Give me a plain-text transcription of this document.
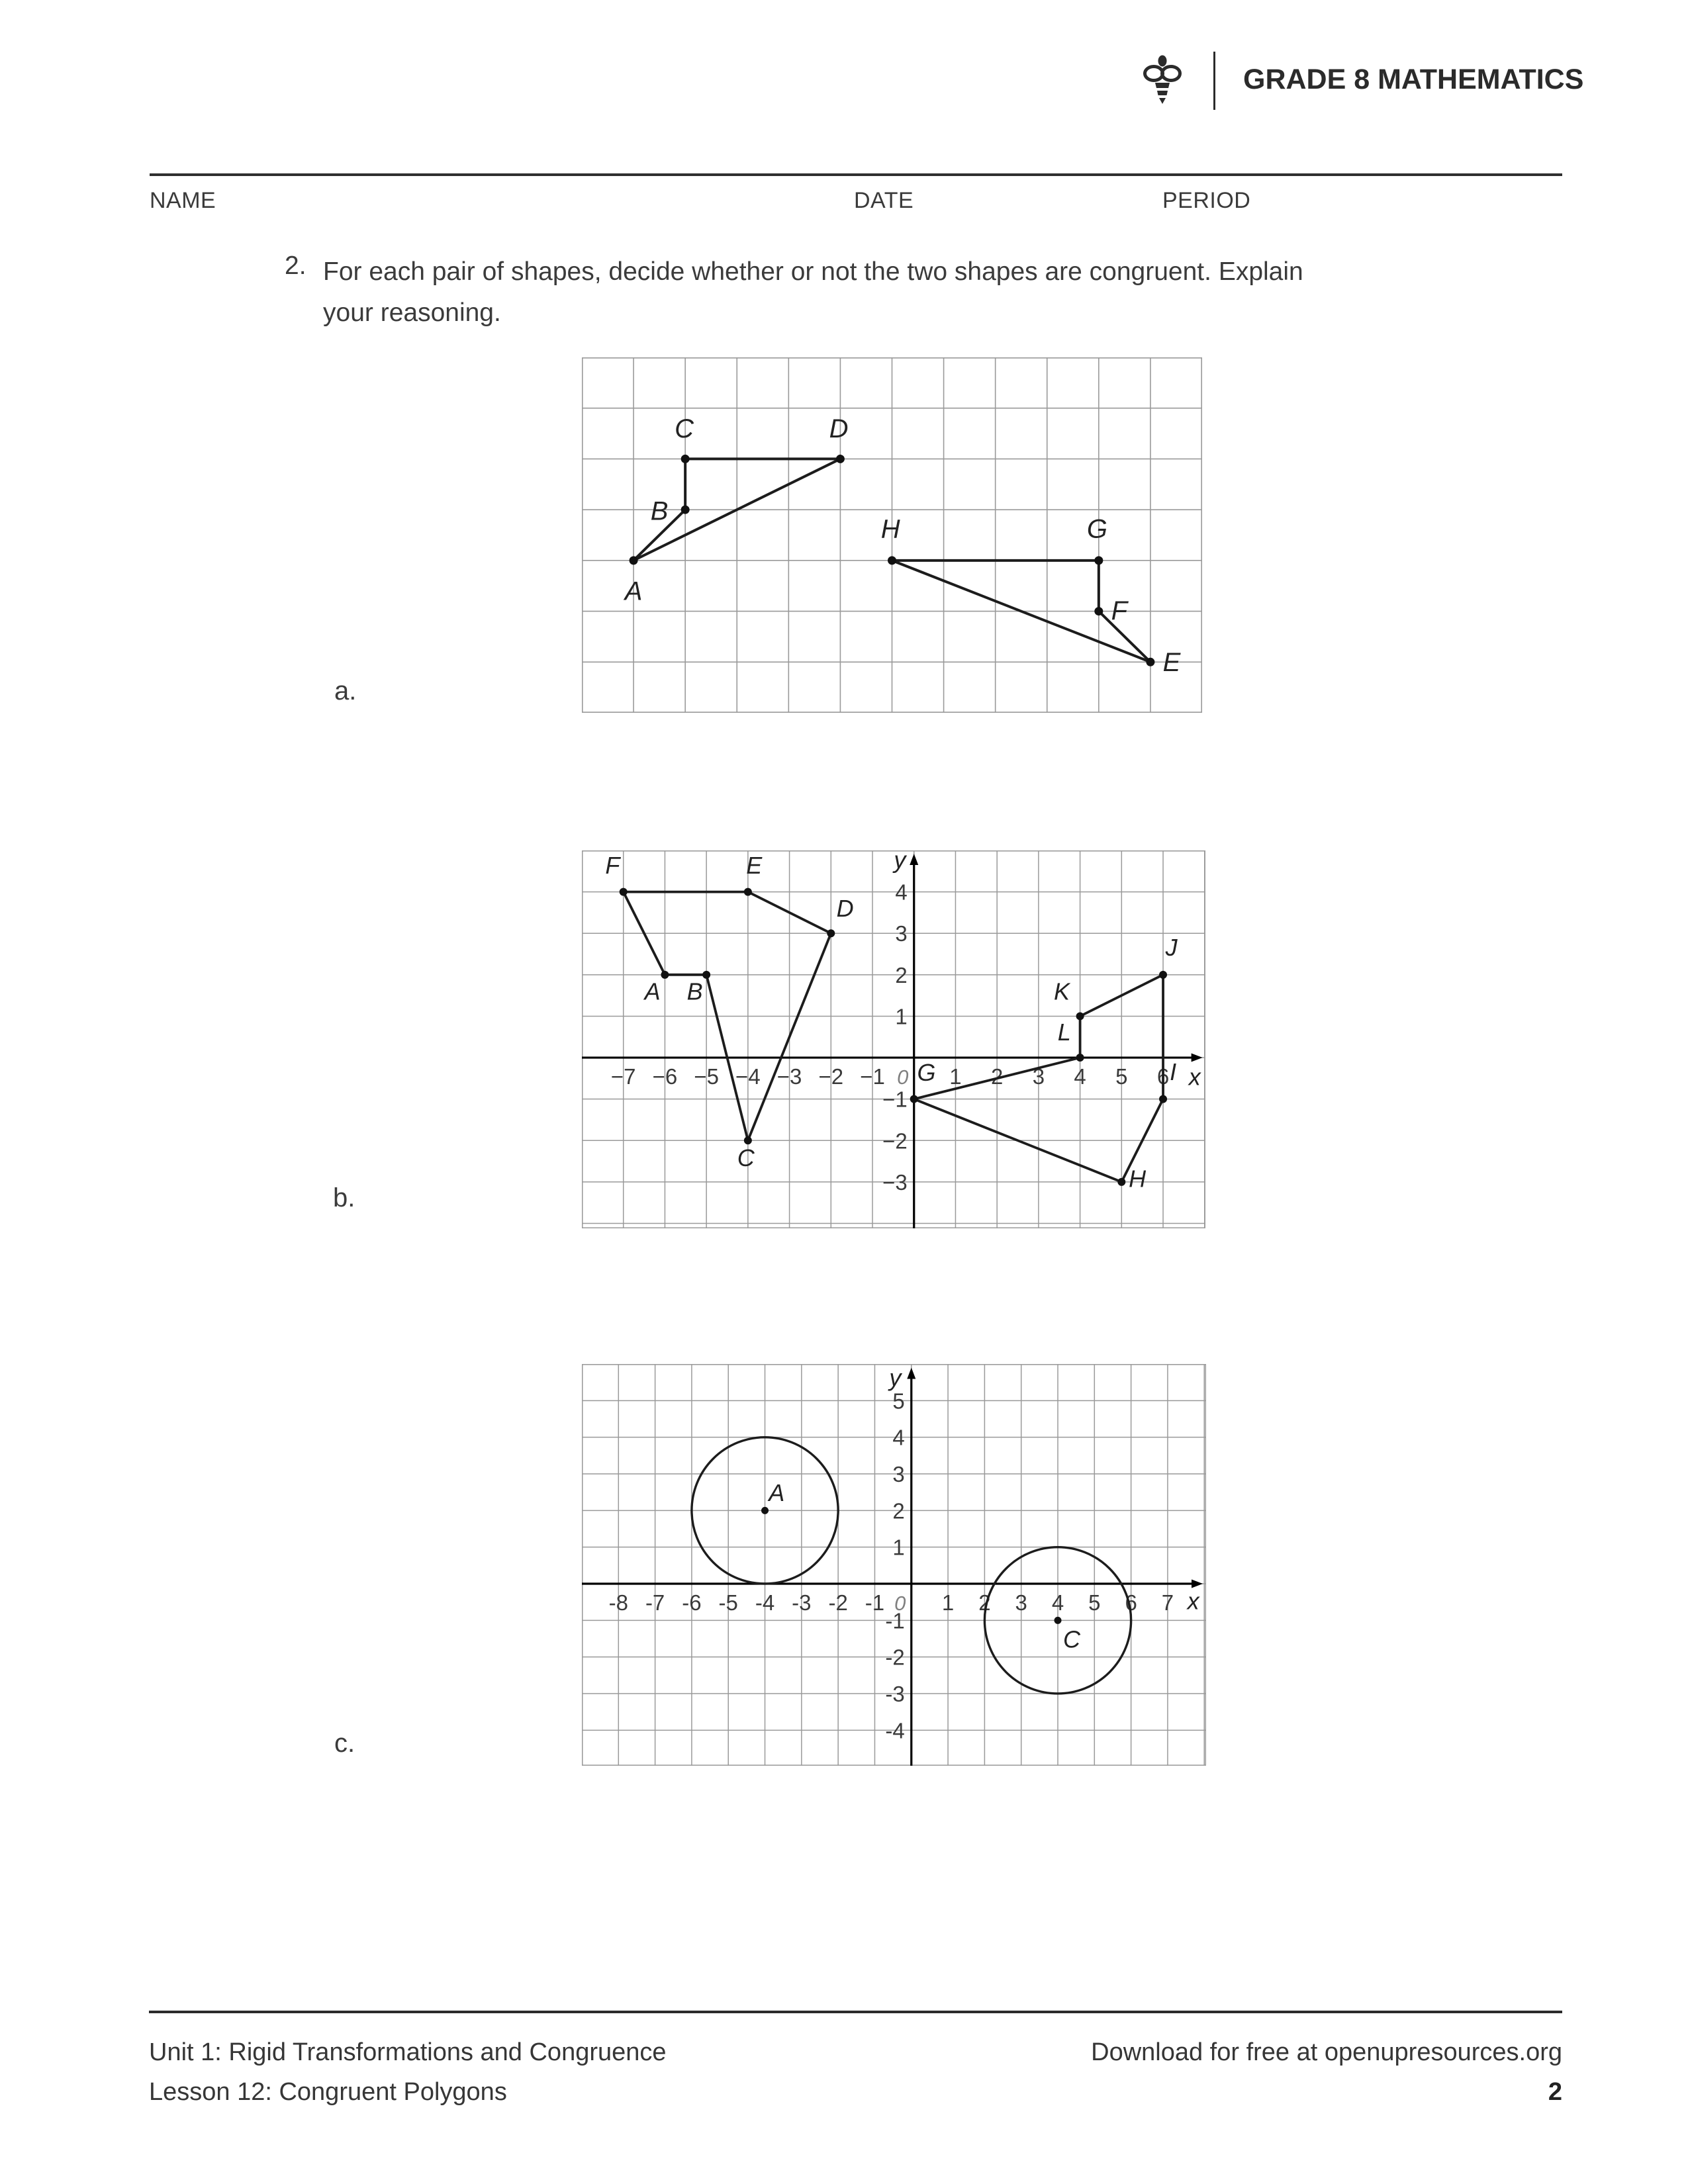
GRADE 8 MATHEMATICS
NAME	DATE	PERIOD
2. For each pair of shapes, decide whether or not the two shapes are congruent. Explain
your reasoning.
A
B
C	D
H	G
F
E
a.
−7 −6 −5 −4 −3 −2 −1	1 2 3 4 5 6
4
3
2
1
−1
−2
−3
0	x
y
A B
C
D
E
F
G
H
I
J
K
L
b.
-8 -7 -6 -5 -4 -3 -2 -1	1 2 3 4 5 6 7
5
4
3
2
1
-1
-2
-3
-4
0	x
y
A
C
c.
Unit 1: Rigid Transformations and Congruence
Lesson 12: Congruent Polygons
Download for free at openupresources.org
2
